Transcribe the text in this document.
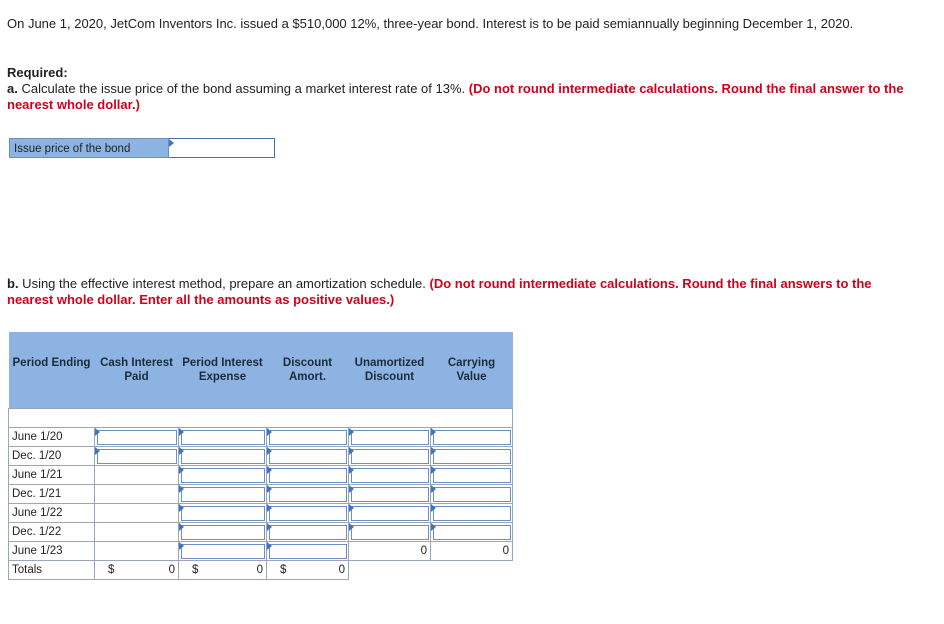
On June 1, 2020, JetCom Inventors Inc. issued a $510,000 12%, three-year bond. Interest is to be paid semiannually beginning December 1, 2020.
Required:
a. Calculate the issue price of the bond assuming a market interest rate of 13%. (Do not round intermediate calculations. Round the final answer to the nearest whole dollar.)
Issue price of the bond
b. Using the effective interest method, prepare an amortization schedule. (Do not round intermediate calculations. Round the final answers to the nearest whole dollar. Enter all the amounts as positive values.)
Period Ending	Cash Interest Paid	Period Interest Expense	Discount Amort.	Unamortized Discount	Carrying Value

June 1/20	

Dec. 1/20	

June 1/21		

Dec. 1/21		

June 1/22		

Dec. 1/22		

June 1/23				0	0
Totals	$ 0	$ 0	$ 0		
